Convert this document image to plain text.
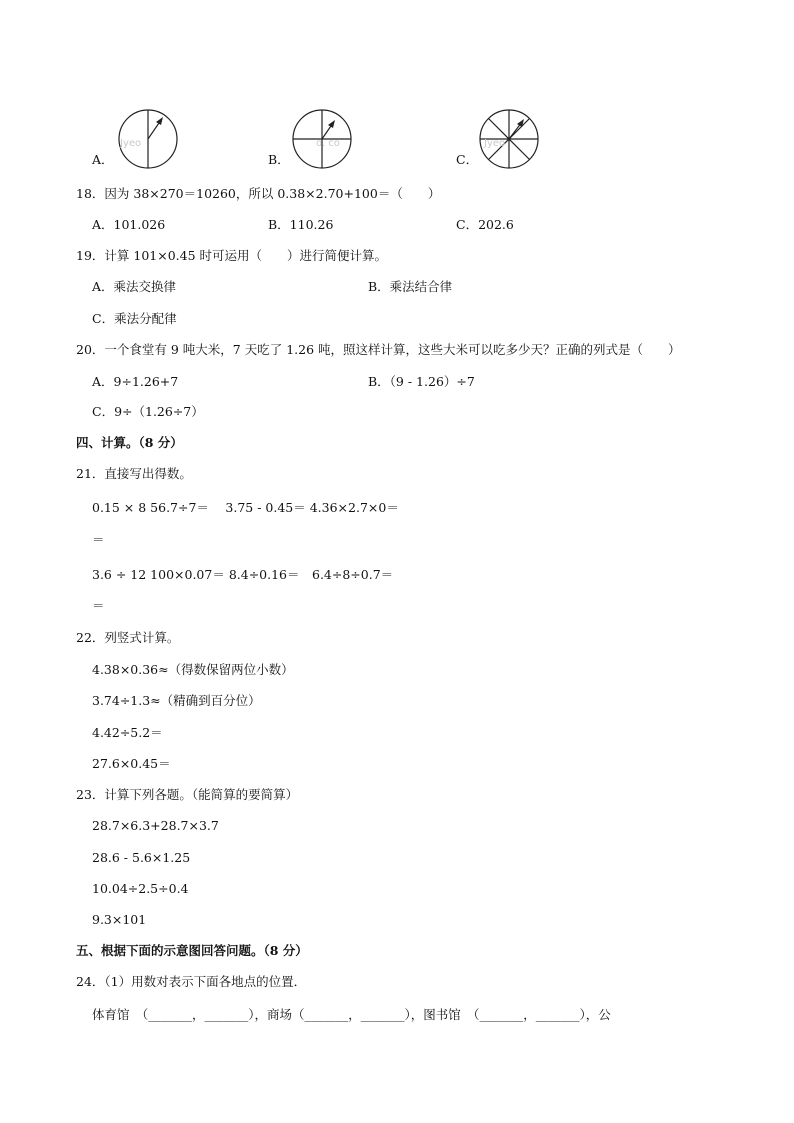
Jyeo
A．
o. co
B．
Jyeo
C．
18．因为 38×270＝10260，所以 0.38×2.70+100＝（　　）
A．101.026	B．110.26	C．202.6
19．计算 101×0.45 时可运用（　　）进行简便计算。
A．乘法交换律	B．乘法结合律
C．乘法分配律
20．一个食堂有 9 吨大米，7 天吃了 1.26 吨，照这样计算，这些大米可以吃多少天？正确的列式是（　　）
A．9÷1.26+7	B．（9 - 1.26）÷7
C．9÷（1.26÷7）
四、计算。（8 分）
21．直接写出得数。
0.15 × 8 56.7÷7＝　 3.75 - 0.45＝ 4.36×2.7×0＝
＝
3.6 ÷ 12 100×0.07＝ 8.4÷0.16＝　6.4÷8÷0.7＝
＝
22．列竖式计算。
4.38×0.36≈（得数保留两位小数）
3.74÷1.3≈（精确到百分位）
4.42÷5.2＝
27.6×0.45＝
23．计算下列各题。（能简算的要简算）
28.7×6.3+28.7×3.7
28.6 - 5.6×1.25
10.04÷2.5÷0.4
9.3×101
五、根据下面的示意图回答问题。（8 分）
24．（1）用数对表示下面各地点的位置．
体育馆　（_______，_______），商场（_______，_______），图书馆　（_______，_______），公
